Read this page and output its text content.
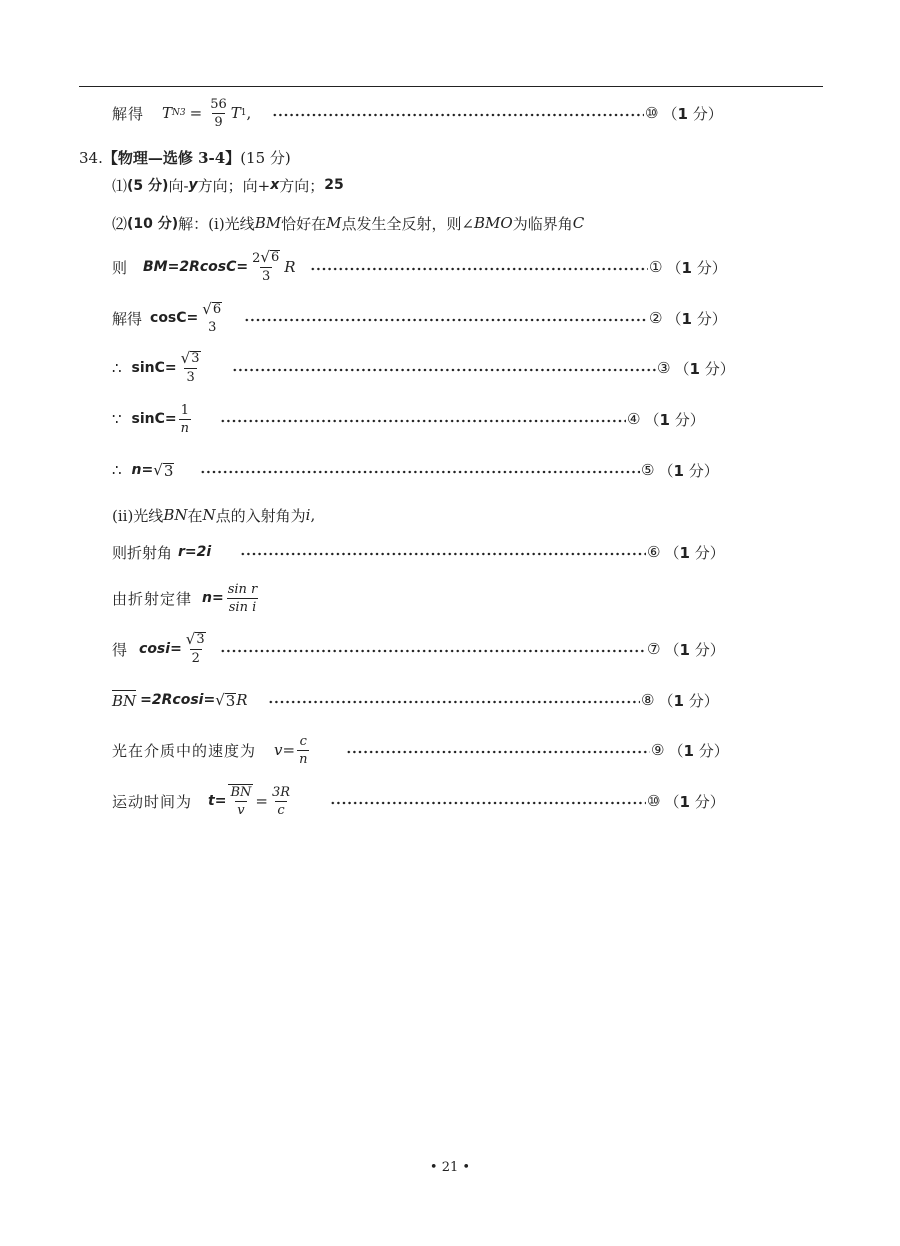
解得 T $N3 = \frac{56}{9}$ T 1 ,	⑩ （1 分）
34.【物理—选修 3-4】(15 分)
⑴ (5 分) 向- y 方向；向+ x 方向； 25
⑵ (10 分) 解：(ⅰ)光线 BM 恰好在 M 点发生全反射，则∠ BMO 为临界角 C
则 $BM=2RcosC= \frac{2 √ 6}{3}$ R	① （1 分）
解得 cosC=
√ 6
3	② （1 分）
∴ $\sin C= \frac{√ 3}{3}$	③ （1 分）
∵ $\sin C= \frac{1}{n}$	④ （1 分）
∴ n= √ 3	⑤ （1 分）
(ⅱ)光线 BN 在 N 点的入射角为 i ,
则折射角 r=2i	⑥ （1 分）
由折射定律 $n= \frac{\text{sin r}}{\text{sin i}}$
得 $\cos i= \frac{√ 3}{2}$	⑦ （1 分）
BN =2Rcosi= √ 3 R	⑧ （1 分）
光在介质中的速度为 $v= \frac{c}{n}$	⑨ （1 分）
运动时间为 $t= \frac{BN}{v} = \frac{3R}{c}$	⑩ （1 分）
• 21 •
